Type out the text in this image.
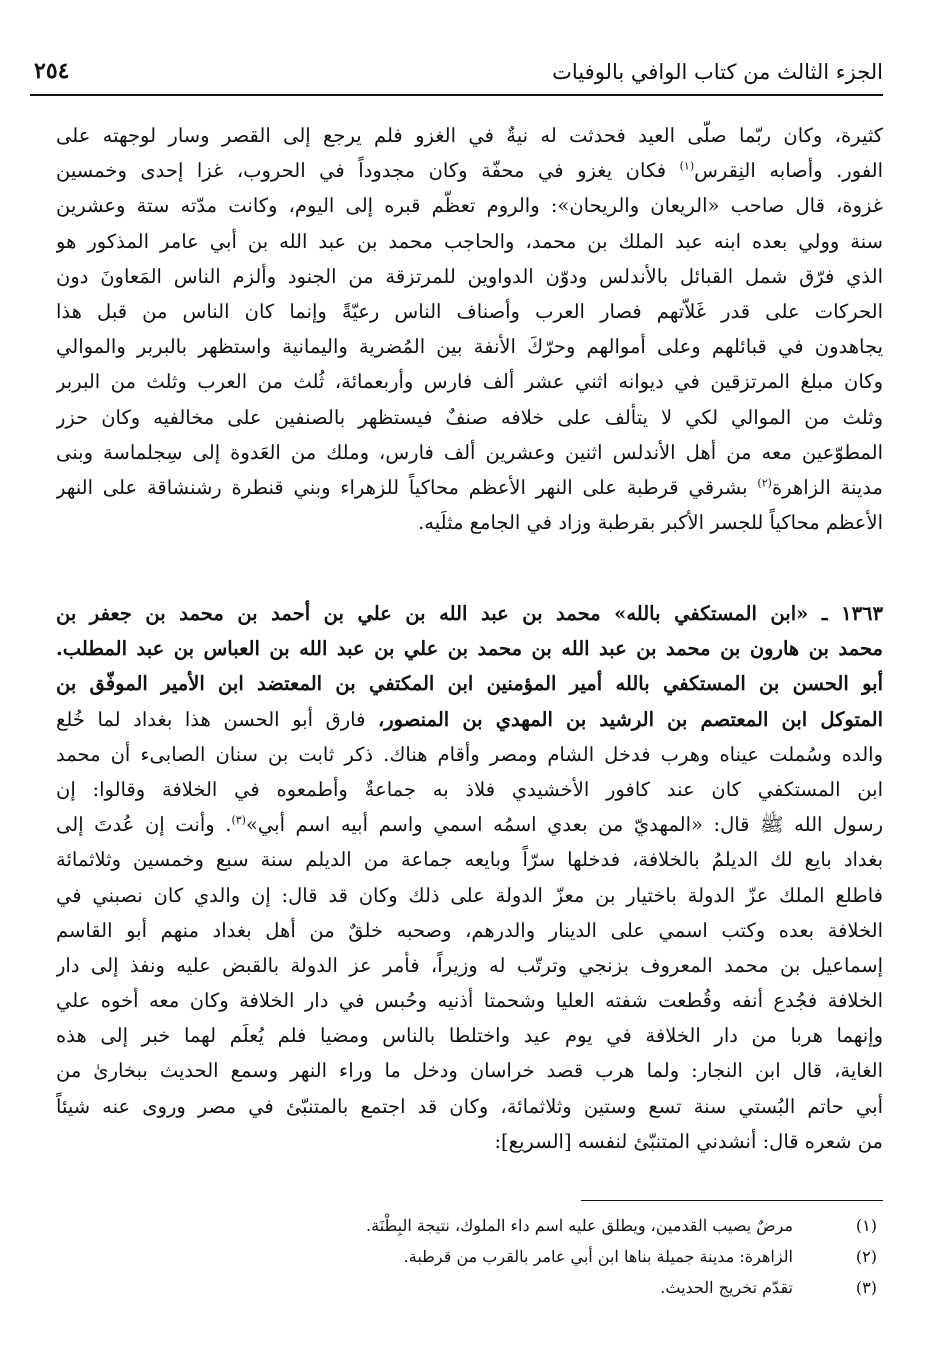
الجزء الثالث من كتاب الوافي بالوفيات
٢٥٤
كثيرة، وكان ربّما صلّى العيد فحدثت له نيةٌ في الغزو فلم يرجع إلى القصر وسار لوجهته على
الفور. وأصابه النِقرس$^{(١)}$ فكان يغزو في محفّة وكان مجدوداً في الحروب، غزا إحدى وخمسين
غزوة، قال صاحب «الريعان والريحان»: والروم تعظّم قبره إلى اليوم، وكانت مدّته ستة وعشرين
سنة وولي بعده ابنه عبد الملك بن محمد، والحاجب محمد بن عبد الله بن أبي عامر المذكور هو
الذي فرّق شمل القبائل بالأندلس ودوّن الدواوين للمرتزقة من الجنود وألزم الناس المَعاونَ دون
الحركات على قدر غَلاّتهم فصار العرب وأصناف الناس رعيّةً وإنما كان الناس من قبل هذا
يجاهدون في قبائلهم وعلى أموالهم وحرّكَ الأنفة بين المُضرية واليمانية واستظهر بالبربر والموالي
وكان مبلغ المرتزقين في ديوانه اثني عشر ألف فارس وأربعمائة، ثُلث من العرب وثلث من البربر
وثلث من الموالي لكي لا يتألف على خلافه صنفٌ فيستظهر بالصنفين على مخالفيه وكان حزر
المطوّعين معه من أهل الأندلس اثنين وعشرين ألف فارس، وملك من العَدوة إلى سِجلماسة وبنى
مدينة الزاهرة$^{(٢)}$ بشرقي قرطبة على النهر الأعظم محاكياً للزهراء وبني قنطرة رشنشاقة على النهر
الأعظم محاكياً للجسر الأكبر بقرطبة وزاد في الجامع مثلَيه.
١٣٦٣ ـ «ابن المستكفي بالله» محمد بن عبد الله بن علي بن أحمد بن محمد بن جعفر بن
محمد بن هارون بن محمد بن عبد الله بن محمد بن علي بن عبد الله بن العباس بن عبد المطلب.
أبو الحسن بن المستكفي بالله أمير المؤمنين ابن المكتفي بن المعتضد ابن الأمير الموفّق بن
المتوكل ابن المعتصم بن الرشيد بن المهدي بن المنصور، فارق أبو الحسن هذا بغداد لما خُلع
والده وسُملت عيناه وهرب فدخل الشام ومصر وأقام هناك. ذكر ثابت بن سنان الصابىء أن محمد
ابن المستكفي كان عند كافور الأخشيدي فلاذ به جماعةٌ وأطمعوه في الخلافة وقالوا: إن
رسول الله ﷺ قال: «المهديّ من بعدي اسمُه اسمي واسم أبيه اسم أبي»$^{(٣)}$. وأنت إن عُدتَ إلى
بغداد بايع لك الديلمُ بالخلافة، فدخلها سرّاً وبايعه جماعة من الديلم سنة سبع وخمسين وثلاثمائة
فاطلع الملك عزّ الدولة باختيار بن معزّ الدولة على ذلك وكان قد قال: إن والدي كان نصبني في
الخلافة بعده وكتب اسمي على الدينار والدرهم، وصحبه خلقٌ من أهل بغداد منهم أبو القاسم
إسماعيل بن محمد المعروف بزنجي وترتّب له وزيراً، فأمر عز الدولة بالقبض عليه ونفذ إلى دار
الخلافة فجُدع أنفه وقُطعت شفته العليا وشحمتا أذنيه وحُبس في دار الخلافة وكان معه أخوه علي
وإنهما هربا من دار الخلافة في يوم عيد واختلطا بالناس ومضيا فلم يُعلَم لهما خبر إلى هذه
الغاية، قال ابن النجار: ولما هرب قصد خراسان ودخل ما وراء النهر وسمع الحديث ببخارىٰ من
أبي حاتم البُستي سنة تسع وستين وثلاثمائة، وكان قد اجتمع بالمتنبّئ في مصر وروى عنه شيئاً
من شعره قال: أنشدني المتنبّئ لنفسه [السريع]:
(١)مرضٌ يصيب القدمين، ويطلق عليه اسم داء الملوك، نتيجة البِطْنَة.
(٢)الزاهرة: مدينة جميلة بناها ابن أبي عامر بالقرب من قرطبة.
(٣)تقدّم تخريج الحديث.
